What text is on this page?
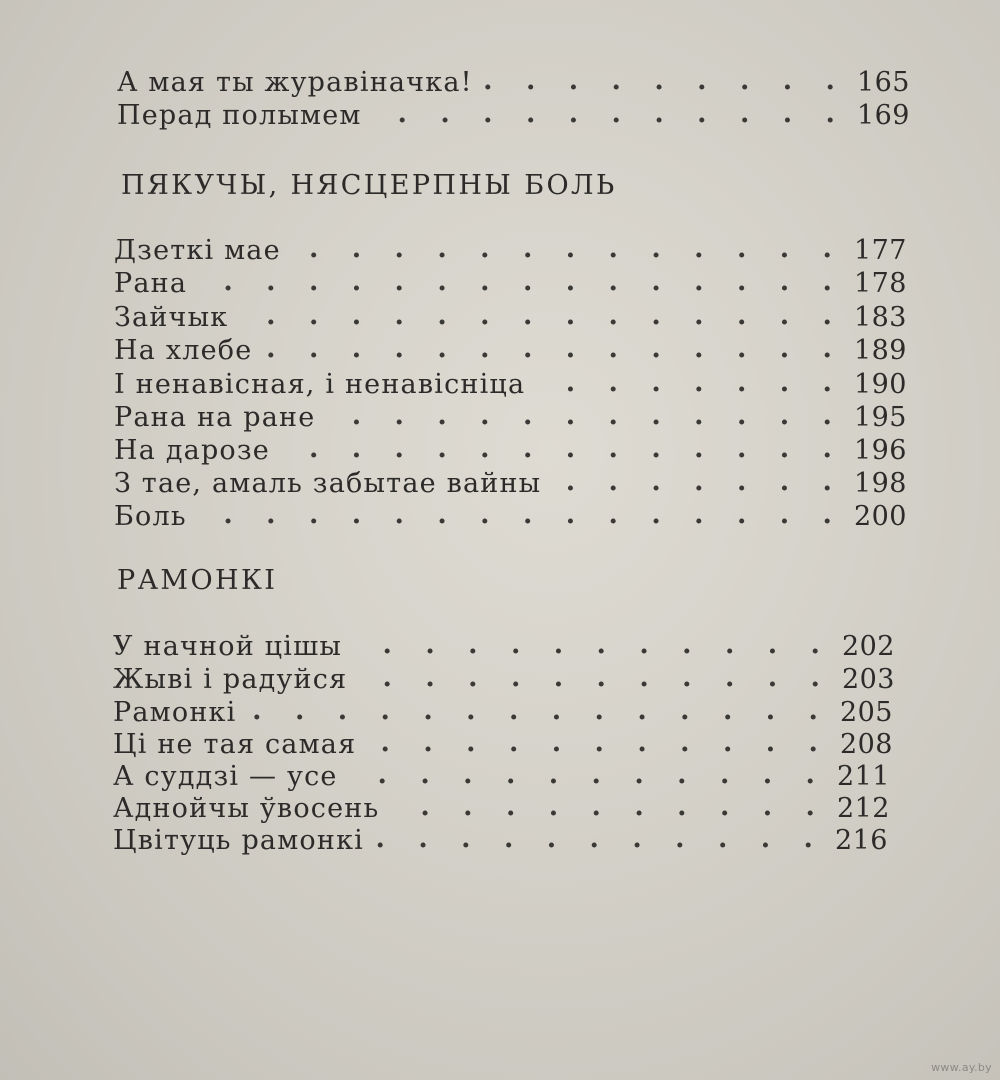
А мая ты журавіначка! . . .	165
Перад полымем . . .	169
ПЯКУЧЫ, НЯСЦЕРПНЫ БОЛЬ
Дзеткі мае . . .	177
Рана . . .	178
Зайчык . . .	183
На хлебе . . .	189
І ненавісная, і ненавісніца . . .	190
Рана на ране . . .	195
На дарозе . . .	196
З тае, амаль забытае вайны . . .	198
Боль . . .	200
РАМОНКІ
У начной цішы . . .	202
Жыві і радуйся . . .	203
Рамонкі . . .	205
Ці не тая самая . . .	208
А суддзі — усе . . .	211
Аднойчы ўвосень . . .	212
Цвітуць рамонкі . . .	216
www.ay.by
